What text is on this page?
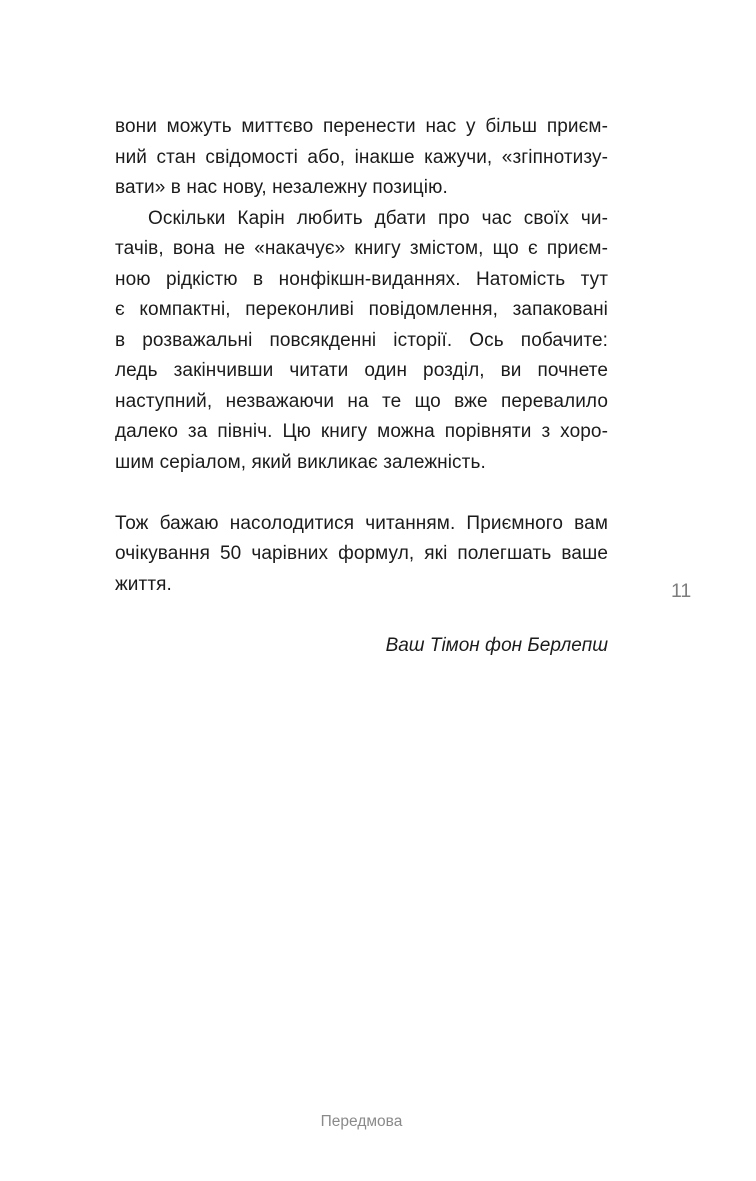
вони можуть миттєво перенести нас у більш приєм-
ний стан свідомості або, інакше кажучи, «згіпнотизу-
вати» в нас нову, незалежну позицію.
Оскільки Карін любить дбати про час своїх чи-
тачів, вона не «накачує» книгу змістом, що є приєм-
ною рідкістю в нонфікшн-виданнях. Натомість тут
є компактні, переконливі повідомлення, запаковані
в розважальні повсякденні історії. Ось побачите:
ледь закінчивши читати один розділ, ви почнете
наступний, незважаючи на те що вже перевалило
далеко за північ. Цю книгу можна порівняти з хоро-
шим серіалом, який викликає залежність.
Тож бажаю насолодитися читанням. Приємного вам
очікування 50 чарівних формул, які полегшать ваше
життя.
Ваш Тімон фон Берлепш
11
Передмова
